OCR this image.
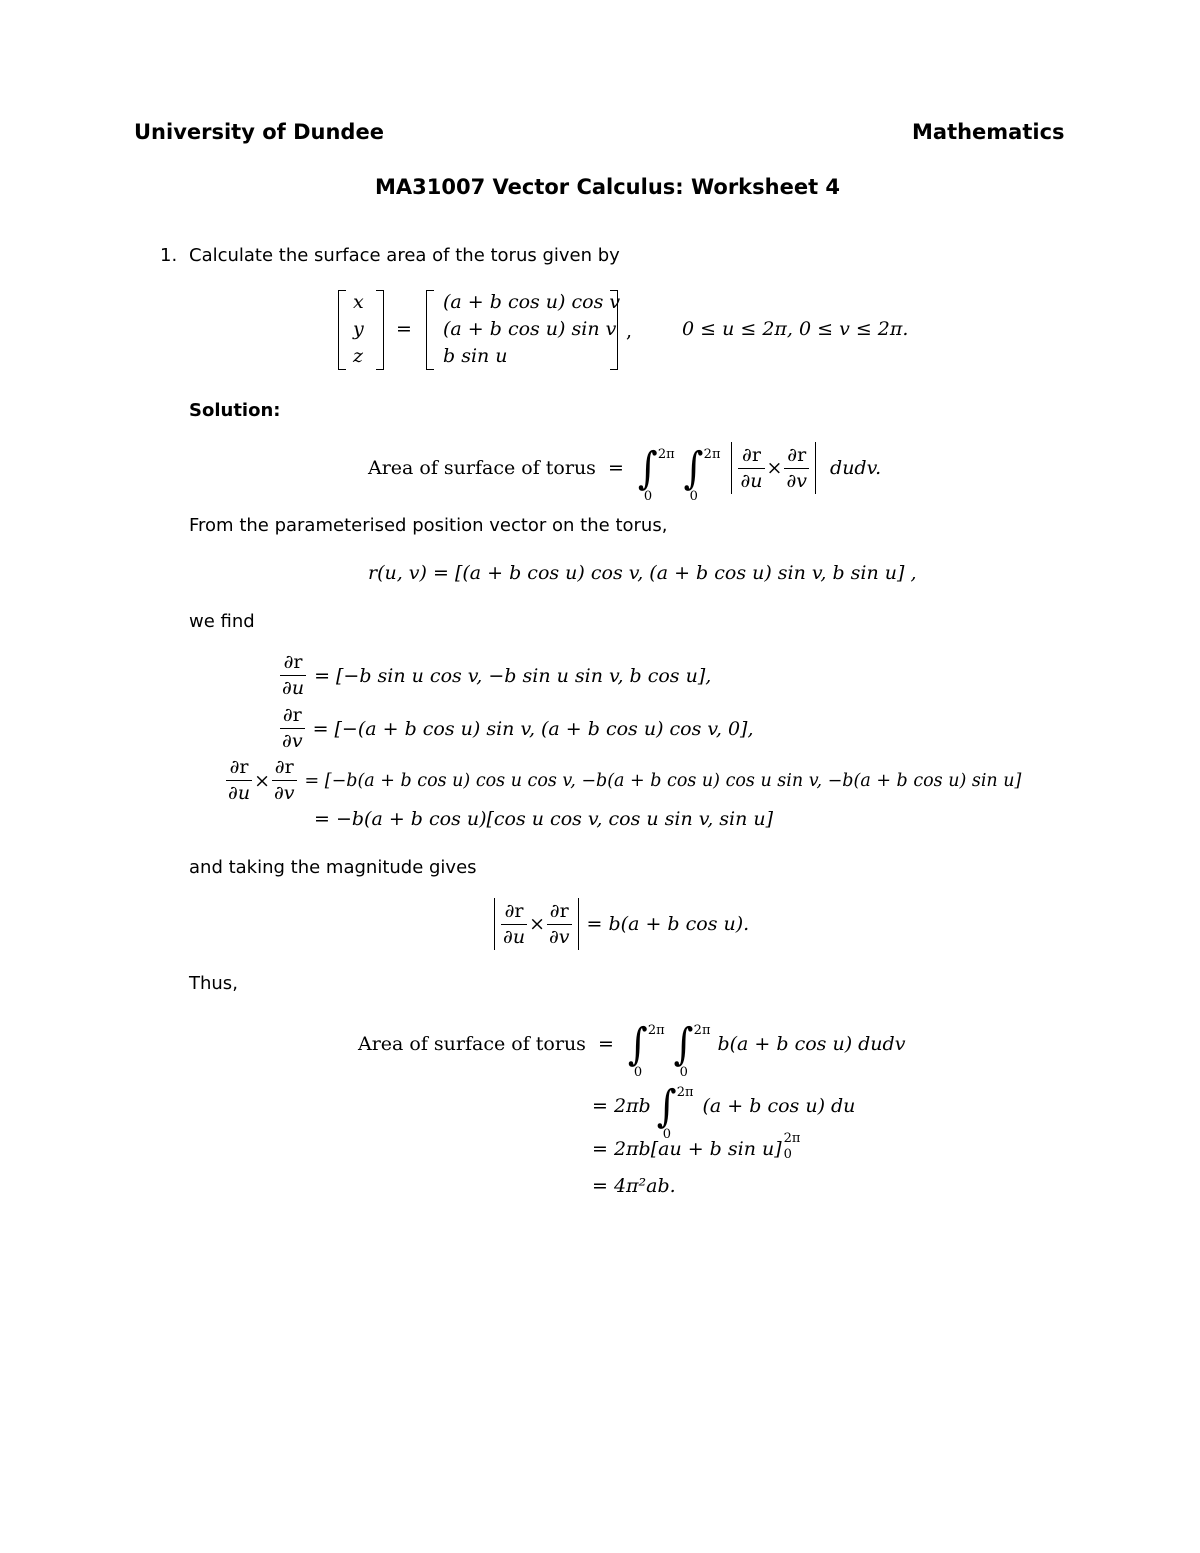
University of Dundee	Mathematics
MA31007 Vector Calculus: Worksheet 4
1. Calculate the surface area of the torus given by
x
y
z
=
(a + b cos u) cos v
(a + b cos u) sin v
b sin u
,	0 ≤ u ≤ 2π, 0 ≤ v ≤ 2π.
Solution:
Area of surface of torus = ∫ 2π
0
∫ 2π
0
$\frac{\partial r}{\partial u} \times \frac{\partial r}{\partial v}$ dudv.
From the parameterised position vector on the torus,
r(u, v) = [(a + b cos u) cos v, (a + b cos u) sin v, b sin u] ,
we find
$\frac{\partial r}{\partial u} = [-b$ sin u cos v, −b sin u sin v, b cos u],
$\frac{\partial r}{\partial v} = [-(a + b$ cos u) sin v, (a + b cos u) cos v, 0],
$\frac{\partial r}{\partial u} \times \frac{\partial r}{\partial v} = [-b(a + b$ cos u) cos u cos v, −b(a + b cos u) cos u sin v, −b(a + b cos u) sin u]
= −b(a + b cos u)[cos u cos v, cos u sin v, sin u]
and taking the magnitude gives
$\frac{\partial r}{\partial u} \times \frac{\partial r}{\partial v} = b(a + b$ cos u).
Thus,
Area of surface of torus = ∫ 2π
0
∫ 2π
0
b(a + b cos u) dudv
= 2πb ∫ 2π
0
(a + b cos u) du
= 2πb[au + b sin u] 2π
0
= 4π²ab.
